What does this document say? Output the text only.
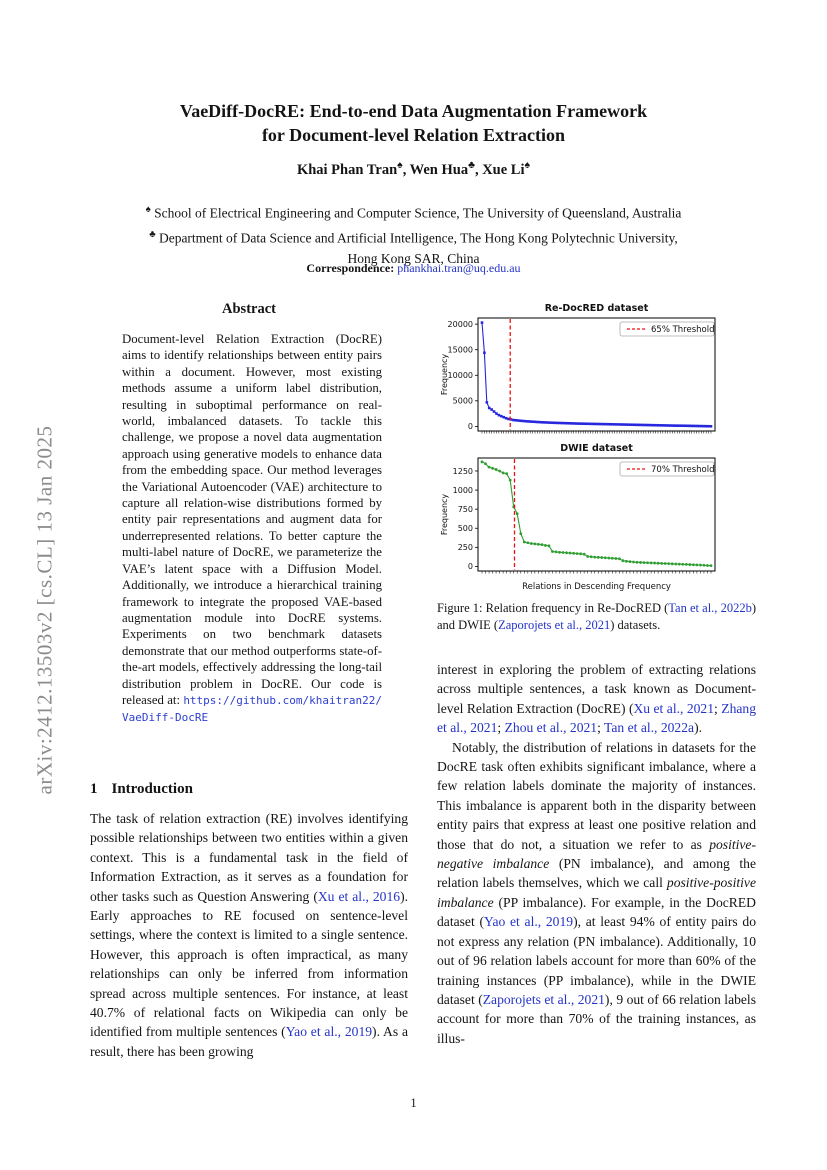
arXiv:2412.13503v2 [cs.CL] 13 Jan 2025
VaeDiff-DocRE: End-to-end Data Augmentation Framework
for Document-level Relation Extraction
Khai Phan Tran♠, Wen Hua♣, Xue Li♠
♠ School of Electrical Engineering and Computer Science, The University of Queensland, Australia
♣ Department of Data Science and Artificial Intelligence, The Hong Kong Polytechnic University,
Hong Kong SAR, China
Correspondence: phankhai.tran@uq.edu.au
Abstract
Document-level Relation Extraction (DocRE) aims to identify relationships between entity pairs within a document. However, most existing methods assume a uniform label distribution, resulting in suboptimal performance on real-world, imbalanced datasets. To tackle this challenge, we propose a novel data augmentation approach using generative models to enhance data from the embedding space. Our method leverages the Variational Autoencoder (VAE) architecture to capture all relation-wise distributions formed by entity pair representations and augment data for underrepresented relations. To better capture the multi-label nature of DocRE, we parameterize the VAE’s latent space with a Diffusion Model. Additionally, we introduce a hierarchical training framework to integrate the proposed VAE-based augmentation module into DocRE systems. Experiments on two benchmark datasets demonstrate that our method outperforms state-of-the-art models, effectively addressing the long-tail distribution problem in DocRE. Our code is released at: https://github.com/khaitran22/VaeDiff-DocRE
1 Introduction
The task of relation extraction (RE) involves identifying possible relationships between two entities within a given context. This is a fundamental task in the field of Information Extraction, as it serves as a foundation for other tasks such as Question Answering (Xu et al., 2016). Early approaches to RE focused on sentence-level settings, where the context is limited to a single sentence. However, this approach is often impractical, as many relationships can only be inferred from information spread across multiple sentences. For instance, at least 40.7% of relational facts on Wikipedia can only be identified from multiple sentences (Yao et al., 2019). As a result, there has been growing
Re-DocRED dataset
0
5000
10000
15000
20000
Frequency
65% Threshold
DWIE dataset
0
250
500
750
1000
1250
Frequency
Relations in Descending Frequency
70% Threshold
Figure 1: Relation frequency in Re-DocRED (Tan et al., 2022b) and DWIE (Zaporojets et al., 2021) datasets.

interest in exploring the problem of extracting relations across multiple sentences, a task known as Document-level Relation Extraction (DocRE) (Xu et al., 2021; Zhang et al., 2021; Zhou et al., 2021; Tan et al., 2022a).

Notably, the distribution of relations in datasets for the DocRE task often exhibits significant imbalance, where a few relation labels dominate the majority of instances. This imbalance is apparent both in the disparity between entity pairs that express at least one positive relation and those that do not, a situation we refer to as positive-negative imbalance (PN imbalance), and among the relation labels themselves, which we call positive-positive imbalance (PP imbalance). For example, in the DocRED dataset (Yao et al., 2019), at least 94% of entity pairs do not express any relation (PN imbalance). Additionally, 10 out of 96 relation labels account for more than 60% of the training instances (PP imbalance), while in the DWIE dataset (Zaporojets et al., 2021), 9 out of 66 relation labels account for more than 70% of the training instances, as illus-

1
